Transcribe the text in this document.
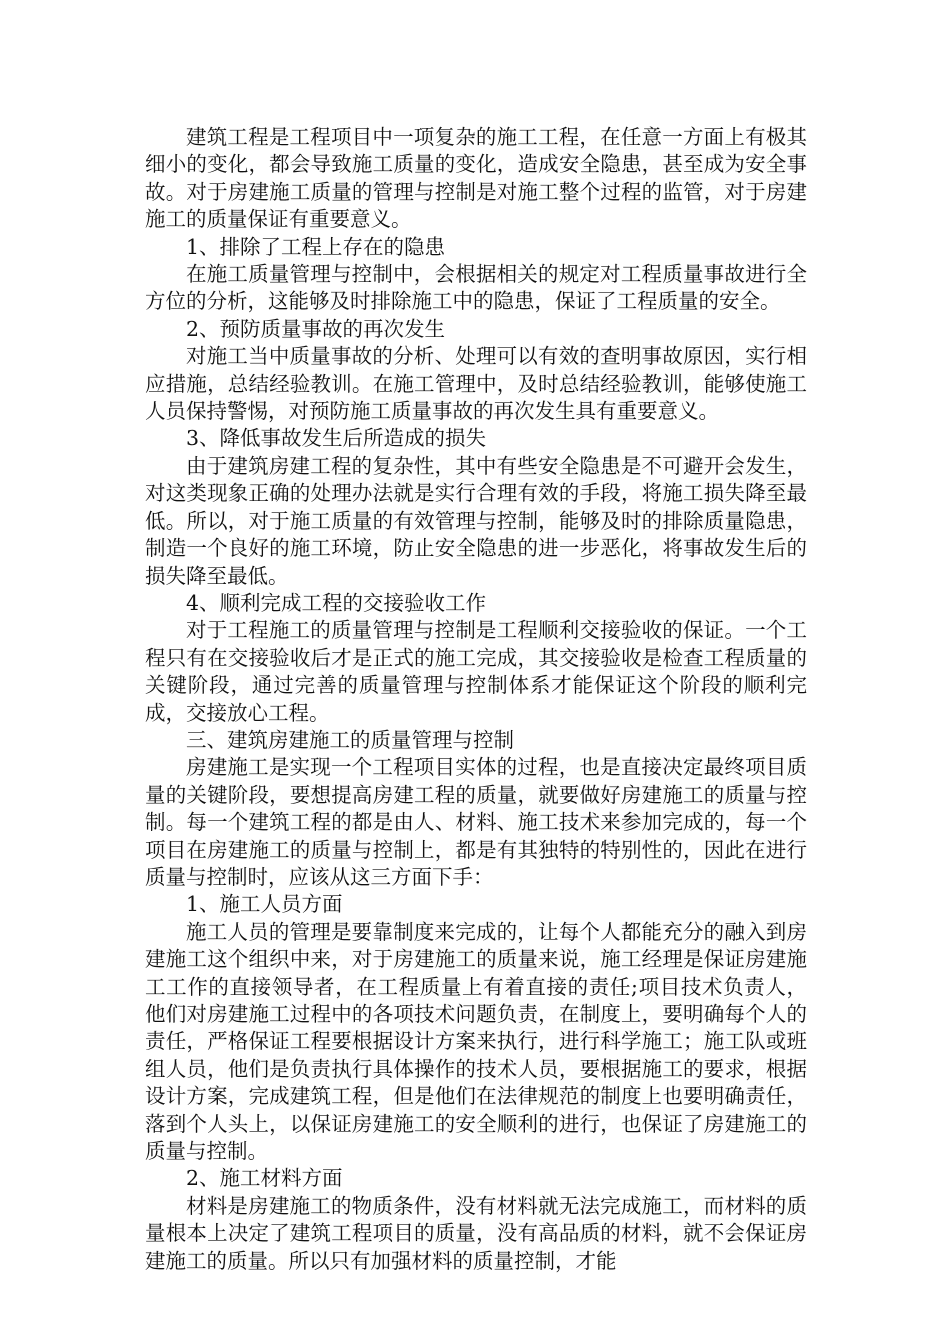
建筑工程是工程项目中一项复杂的施工工程，在任意一方面上有极其细小的变化，都会导致施工质量的变化，造成安全隐患，甚至成为安全事故。对于房建施工质量的管理与控制是对施工整个过程的监管，对于房建施工的质量保证有重要意义。

1、排除了工程上存在的隐患

在施工质量管理与控制中，会根据相关的规定对工程质量事故进行全方位的分析，这能够及时排除施工中的隐患，保证了工程质量的安全。

2、预防质量事故的再次发生

对施工当中质量事故的分析、处理可以有效的查明事故原因，实行相应措施，总结经验教训。在施工管理中，及时总结经验教训，能够使施工人员保持警惕，对预防施工质量事故的再次发生具有重要意义。

3、降低事故发生后所造成的损失

由于建筑房建工程的复杂性，其中有些安全隐患是不可避开会发生，对这类现象正确的处理办法就是实行合理有效的手段，将施工损失降至最低。所以，对于施工质量的有效管理与控制，能够及时的排除质量隐患，制造一个良好的施工环境，防止安全隐患的进一步恶化，将事故发生后的损失降至最低。

4、顺利完成工程的交接验收工作

对于工程施工的质量管理与控制是工程顺利交接验收的保证。一个工程只有在交接验收后才是正式的施工完成，其交接验收是检查工程质量的关键阶段，通过完善的质量管理与控制体系才能保证这个阶段的顺利完成，交接放心工程。

三、建筑房建施工的质量管理与控制

房建施工是实现一个工程项目实体的过程，也是直接决定最终项目质量的关键阶段，要想提高房建工程的质量，就要做好房建施工的质量与控制。每一个建筑工程的都是由人、材料、施工技术来参加完成的，每一个项目在房建施工的质量与控制上，都是有其独特的特别性的，因此在进行质量与控制时，应该从这三方面下手：

1、施工人员方面

施工人员的管理是要靠制度来完成的，让每个人都能充分的融入到房建施工这个组织中来，对于房建施工的质量来说，施工经理是保证房建施工工作的直接领导者，在工程质量上有着直接的责任;项目技术负责人，他们对房建施工过程中的各项技术问题负责，在制度上，要明确每个人的责任，严格保证工程要根据设计方案来执行，进行科学施工；施工队或班组人员，他们是负责执行具体操作的技术人员，要根据施工的要求，根据设计方案，完成建筑工程，但是他们在法律规范的制度上也要明确责任，落到个人头上，以保证房建施工的安全顺利的进行，也保证了房建施工的质量与控制。

2、施工材料方面

材料是房建施工的物质条件，没有材料就无法完成施工，而材料的质量根本上决定了建筑工程项目的质量，没有高品质的材料，就不会保证房建施工的质量。所以只有加强材料的质量控制，才能
